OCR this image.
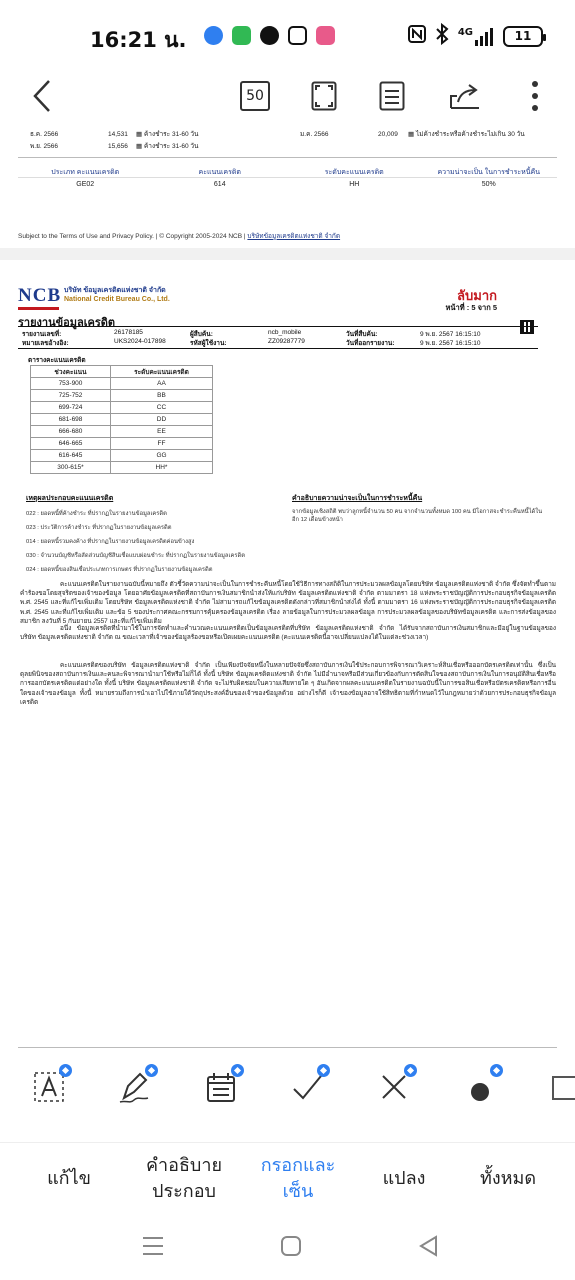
16:21 น.	4G	11
50
ธ.ค. 2566	14,531 ▦ ค้างชำระ 31-60 วัน	ม.ค. 2566	20,009 ▦ ไม่ค้างชำระหรือค้างชำระไม่เกิน 30 วัน
พ.ย. 2566	15,656 ▦ ค้างชำระ 31-60 วัน
ประเภท คะแนนเครดิต	คะแนนเครดิต	ระดับคะแนนเครดิต	ความน่าจะเป็น ในการชำระหนี้คืน
GE02	614	HH	50%
Subject to the Terms of Use and Privacy Policy. | © Copyright 2005-2024 NCB | บริษัทข้อมูลเครดิตแห่งชาติ จำกัด
NCB บริษัท ข้อมูลเครดิตแห่งชาติ จำกัด
National Credit Bureau Co., Ltd.	ลับมาก
หน้าที่ : 5 จาก 5
รายงานข้อมูลเครดิต
รายงานเลขที่:	26178185	ผู้สืบค้น:	ncb_mobile	วันที่สืบค้น:	9 พ.ย. 2567 16:15:10
หมายเลขอ้างอิง:	UKS2024-017898	รหัสผู้ใช้งาน:	ZZ09287779	วันที่ออกรายงาน:	9 พ.ย. 2567 16:15:10
ตารางคะแนนเครดิต
ช่วงคะแนน	ระดับคะแนนเครดิต
753-900	AA
725-752	BB
699-724	CC
681-698	DD
666-680	EE
646-665	FF
616-645	GG
300-615*	HH*
เหตุผลประกอบคะแนนเครดิต
022 : ยอดหนี้ที่ค้างชำระ ที่ปรากฏในรายงานข้อมูลเครดิต
023 : ประวัติการค้างชำระ ที่ปรากฏในรายงานข้อมูลเครดิต
014 : ยอดหนี้รวมคงค้าง ที่ปรากฏในรายงานข้อมูลเครดิตค่อนข้างสูง
030 : จำนวนบัญชีหรือสัดส่วนบัญชีสินเชื่อแบบผ่อนชำระ ที่ปรากฏในรายงานข้อมูลเครดิต
024 : ยอดหนี้ของสินเชื่อประเภทการเกษตร ที่ปรากฏในรายงานข้อมูลเครดิต
คำอธิบายความน่าจะเป็นในการชำระหนี้คืน
จากข้อมูลเชิงสถิติ พบว่าลูกหนี้จำนวน 50 คน จากจำนวนทั้งหมด 100 คน มีโอกาสจะชำระคืนหนี้ได้ในอีก 12 เดือนข้างหน้า
คะแนนเครดิตในรายงานฉบับนี้หมายถึง ตัวชี้วัดความน่าจะเป็นในการชำระคืนหนี้โดยใช้วิธีการทางสถิติในการประมวลผลข้อมูลโดยบริษัท ข้อมูลเครดิตแห่งชาติ จำกัด ซึ่งจัดทำขึ้นตามคำร้องขอโดยสุจริตของเจ้าของข้อมูล โดยอาศัยข้อมูลเครดิตที่สถาบันการเงินสมาชิกนำส่งให้แก่บริษัท ข้อมูลเครดิตแห่งชาติ จำกัด ตามมาตรา 18 แห่งพระราชบัญญัติการประกอบธุรกิจข้อมูลเครดิต พ.ศ. 2545 และที่แก้ไขเพิ่มเติม โดยบริษัท ข้อมูลเครดิตแห่งชาติ จำกัด ไม่สามารถแก้ไขข้อมูลเครดิตดังกล่าวที่สมาชิกนำส่งได้ ทั้งนี้ ตามมาตรา 16 แห่งพระราชบัญญัติการประกอบธุรกิจข้อมูลเครดิต พ.ศ. 2545 และที่แก้ไขเพิ่มเติม และข้อ 5 ของประกาศคณะกรรมการคุ้มครองข้อมูลเครดิต เรื่อง ลายข้อมูลในการประมวลผลข้อมูล การประมวลผลข้อมูลของบริษัทข้อมูลเครดิต และการส่งข้อมูลของสมาชิก ลงวันที่ 5 กันยายน 2557 และที่แก้ไขเพิ่มเติม
อนึ่ง ข้อมูลเครดิตที่นำมาใช้ในการจัดทำและคำนวณคะแนนเครดิตเป็นข้อมูลเครดิตที่บริษัท ข้อมูลเครดิตแห่งชาติ จำกัด ได้รับจากสถาบันการเงินสมาชิกและมีอยู่ในฐานข้อมูลของบริษัท ข้อมูลเครดิตแห่งชาติ จำกัด ณ ขณะเวลาที่เจ้าของข้อมูลร้องขอหรือเปิดเผยคะแนนเครดิต (คะแนนเครดิตนี้อาจเปลี่ยนแปลงได้ในแต่ละช่วงเวลา)
คะแนนเครดิตของบริษัท ข้อมูลเครดิตแห่งชาติ จำกัด เป็นเพียงปัจจัยหนึ่งในหลายปัจจัยซึ่งสถาบันการเงินใช้ประกอบการพิจารณาวิเคราะห์สินเชื่อหรือออกบัตรเครดิตเท่านั้น ซึ่งเป็นดุลยพินิจของสถาบันการเงินและคนละพิจารณานำมาใช้หรือไม่ก็ได้ ทั้งนี้ บริษัท ข้อมูลเครดิตแห่งชาติ จำกัด ไม่มีอำนาจหรือมีส่วนเกี่ยวข้องกับการตัดสินใจของสถาบันการเงินในการอนุมัติสินเชื่อหรือการออกบัตรเครดิตแต่อย่างใด ทั้งนี้ บริษัท ข้อมูลเครดิตแห่งชาติ จำกัด จะไม่รับผิดชอบในความเสียหายใด ๆ อันเกิดจากผลคะแนนเครดิตในรายงานฉบับนี้ในการขอสินเชื่อหรือบัตรเครดิตหรือการอื่นใดของเจ้าของข้อมูล ทั้งนี้ หมายรวมถึงการนำเอาไปใช้ภายใต้วัตถุประสงค์อื่นของเจ้าของข้อมูลด้วย อย่างไรก็ดี เจ้าของข้อมูลอาจใช้สิทธิตามที่กำหนดไว้ในกฎหมายว่าด้วยการประกอบธุรกิจข้อมูลเครดิต
แก้ไข
คำอธิบาย
ประกอบ
กรอกและ
เซ็น
แปลง	ทั้งหมด
